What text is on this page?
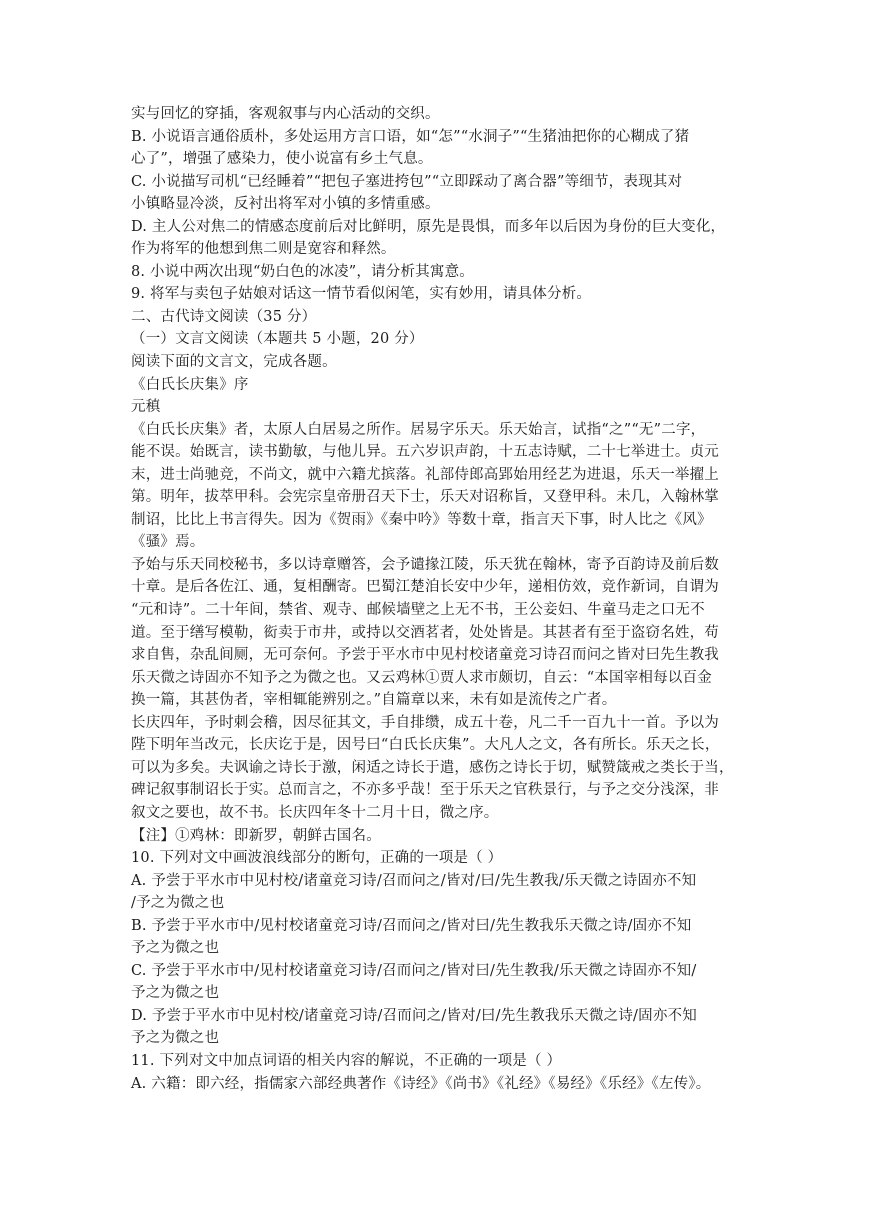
实与回忆的穿插，客观叙事与内心活动的交织。
B. 小说语言通俗质朴，多处运用方言口语，如“怎”“水洞子”“生猪油把你的心糊成了猪
心了”，增强了感染力，使小说富有乡土气息。
C. 小说描写司机“已经睡着”“把包子塞进挎包”“立即踩动了离合器”等细节，表现其对
小镇略显冷淡，反衬出将军对小镇的多情重感。
D. 主人公对焦二的情感态度前后对比鲜明，原先是畏惧，而多年以后因为身份的巨大变化，
作为将军的他想到焦二则是宽容和释然。
8. 小说中两次出现“奶白色的冰凌”，请分析其寓意。
9. 将军与卖包子姑娘对话这一情节看似闲笔，实有妙用，请具体分析。
二、古代诗文阅读（35 分）
（一）文言文阅读（本题共 5 小题，20 分）
阅读下面的文言文，完成各题。
《白氏长庆集》序
元稹
《白氏长庆集》者，太原人白居易之所作。居易字乐天。乐天始言，试指“之”“无”二字，
能不误。始既言，读书勤敏，与他儿异。五六岁识声韵，十五志诗赋，二十七举进士。贞元
末，进士尚驰竞，不尚文，就中六籍尤摈落。礼部侍郎高郢始用经艺为进退，乐天一举擢上
第。明年，拔萃甲科。会宪宗皇帝册召天下士，乐天对诏称旨，又登甲科。未几，入翰林掌
制诏，比比上书言得失。因为《贺雨》《秦中吟》等数十章，指言天下事，时人比之《风》
《骚》焉。
予始与乐天同校秘书，多以诗章赠答，会予谴掾江陵，乐天犹在翰林，寄予百韵诗及前后数
十章。是后各佐江、通，复相酬寄。巴蜀江楚洎长安中少年，递相仿效，竞作新词，自谓为
“元和诗”。二十年间，禁省、观寺、邮候墙壁之上无不书，王公妾妇、牛童马走之口无不
道。至于缮写模勒，衒卖于市井，或持以交酒茗者，处处皆是。其甚者有至于盗窃名姓，苟
求自售，杂乱间厕，无可奈何。予尝于平水市中见村校诸童竞习诗召而问之皆对曰先生教我
乐天微之诗固亦不知予之为微之也。又云鸡林①贾人求市颇切，自云：“本国宰相每以百金
换一篇，其甚伪者，宰相辄能辨别之。”自篇章以来，未有如是流传之广者。
长庆四年，予时刺会稽，因尽征其文，手自排缵，成五十卷，凡二千一百九十一首。予以为
陛下明年当改元，长庆讫于是，因号曰“白氏长庆集”。大凡人之文，各有所长。乐天之长，
可以为多矣。夫讽谕之诗长于激，闲适之诗长于遣，感伤之诗长于切，赋赞箴戒之类长于当，
碑记叙事制诏长于实。总而言之，不亦多乎哉！至于乐天之官秩景行，与予之交分浅深，非
叙文之要也，故不书。长庆四年冬十二月十日，微之序。
【注】①鸡林：即新罗，朝鲜古国名。
10. 下列对文中画波浪线部分的断句，正确的一项是（ ）
A. 予尝于平水市中见村校/诸童竞习诗/召而问之/皆对/曰/先生教我/乐天微之诗固亦不知
/予之为微之也
B. 予尝于平水市中/见村校诸童竞习诗/召而问之/皆对曰/先生教我乐天微之诗/固亦不知
予之为微之也
C. 予尝于平水市中/见村校诸童竞习诗/召而问之/皆对曰/先生教我/乐天微之诗固亦不知/
予之为微之也
D. 予尝于平水市中见村校/诸童竞习诗/召而问之/皆对/曰/先生教我乐天微之诗/固亦不知
予之为微之也
11. 下列对文中加点词语的相关内容的解说，不正确的一项是（ ）
A. 六籍：即六经，指儒家六部经典著作《诗经》《尚书》《礼经》《易经》《乐经》《左传》。
